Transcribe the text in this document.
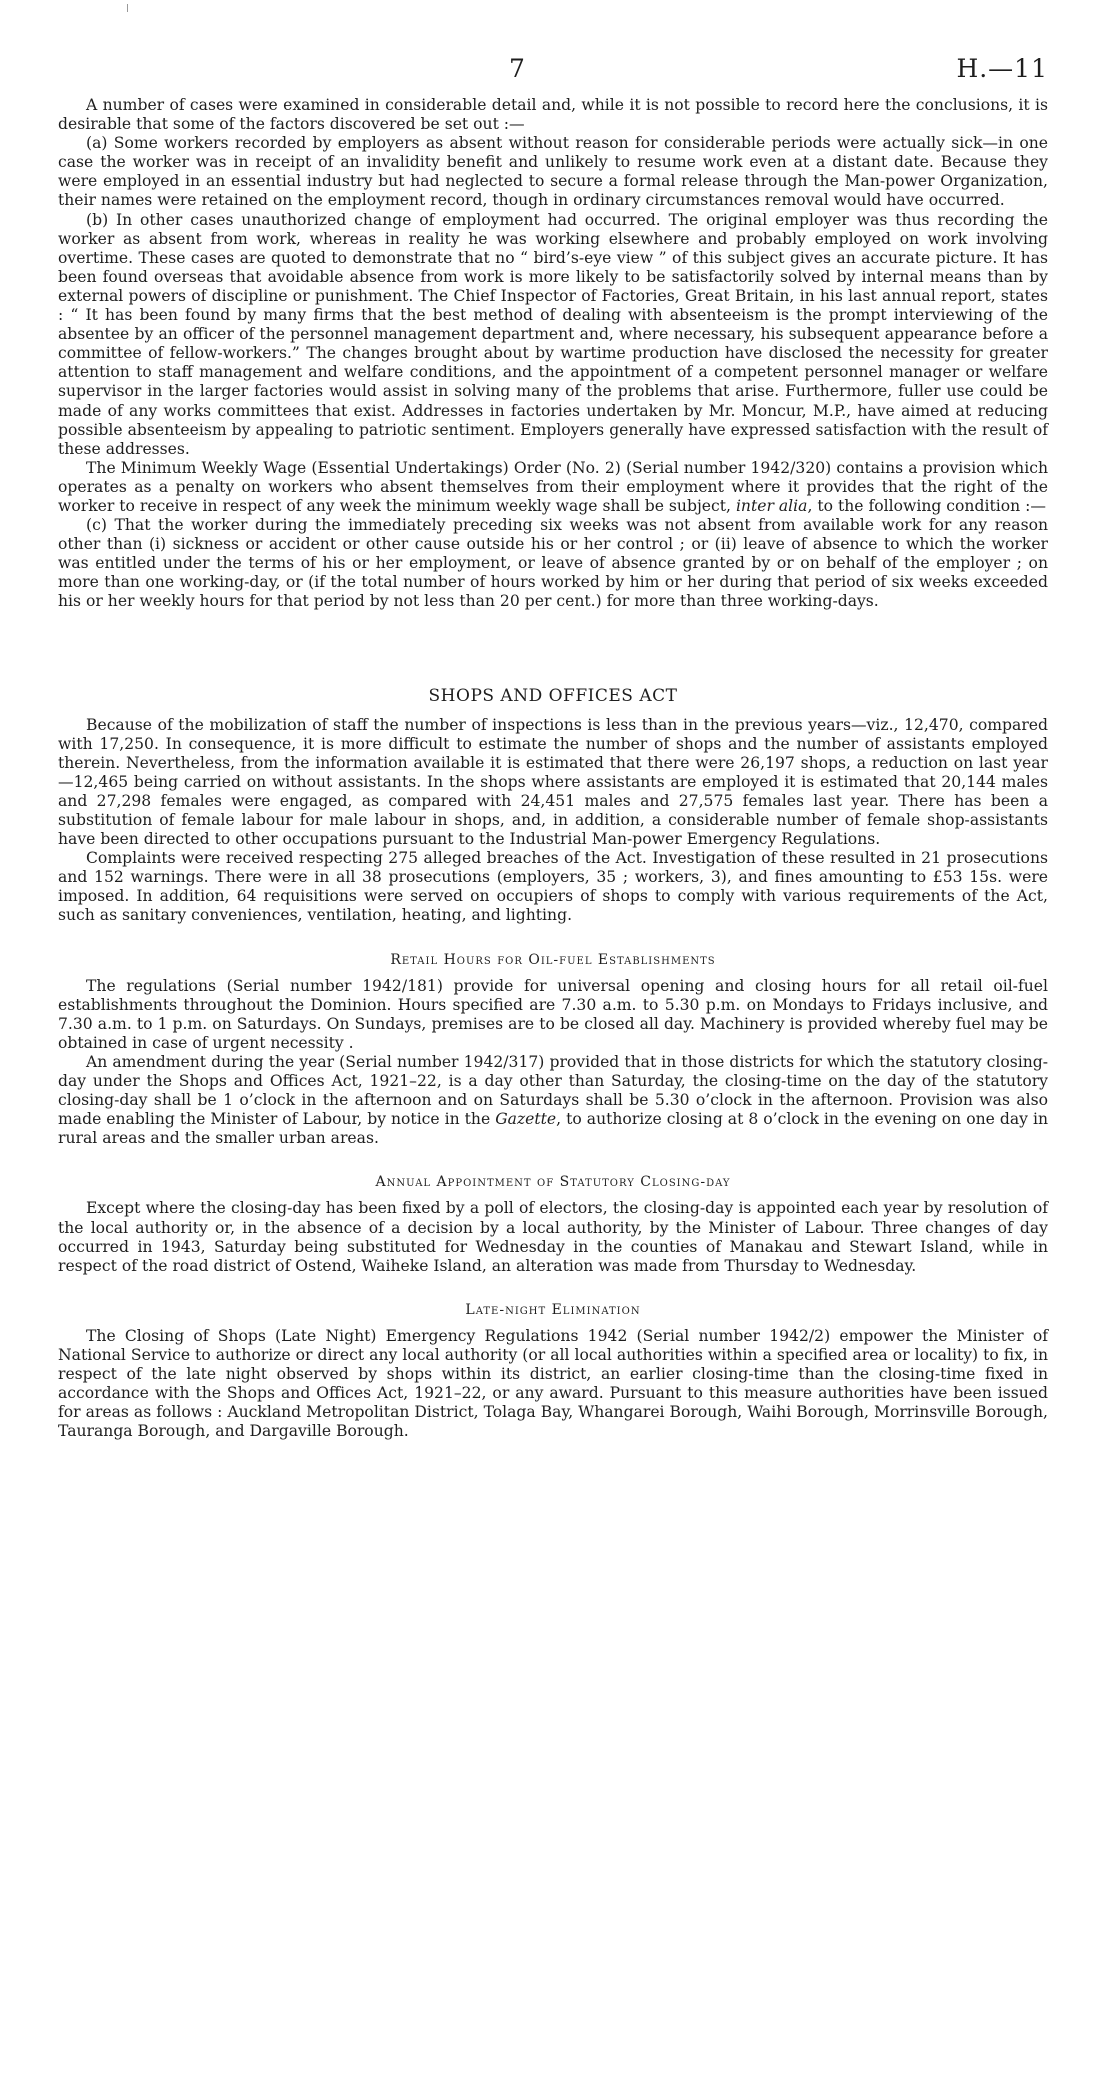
7	H.—11

A number of cases were examined in considerable detail and, while it is not possible to record here the conclusions, it is desirable that some of the factors discovered be set out :—

(a) Some workers recorded by employers as absent without reason for considerable periods were actually sick—in one case the worker was in receipt of an invalidity benefit and unlikely to resume work even at a distant date. Because they were employed in an essential industry but had neglected to secure a formal release through the Man-power Organization, their names were retained on the employment record, though in ordinary circumstances removal would have occurred.

(b) In other cases unauthorized change of employment had occurred. The original employer was thus recording the worker as absent from work, whereas in reality he was working elsewhere and probably employed on work involving overtime. These cases are quoted to demonstrate that no “ bird’s-eye view ” of this subject gives an accurate picture. It has been found overseas that avoidable absence from work is more likely to be satisfactorily solved by internal means than by external powers of discipline or punishment. The Chief Inspector of Factories, Great Britain, in his last annual report, states : “ It has been found by many firms that the best method of dealing with absenteeism is the prompt interviewing of the absentee by an officer of the personnel management department and, where necessary, his subsequent appearance before a committee of fellow-workers.” The changes brought about by wartime production have disclosed the necessity for greater attention to staff management and welfare conditions, and the appointment of a competent personnel manager or welfare supervisor in the larger factories would assist in solving many of the problems that arise. Furthermore, fuller use could be made of any works committees that exist. Addresses in factories undertaken by Mr. Moncur, M.P., have aimed at reducing possible absenteeism by appealing to patriotic sentiment. Employers generally have expressed satisfaction with the result of these addresses.

The Minimum Weekly Wage (Essential Undertakings) Order (No. 2) (Serial number 1942/320) contains a provision which operates as a penalty on workers who absent themselves from their employment where it provides that the right of the worker to receive in respect of any week the minimum weekly wage shall be subject, inter alia, to the following condition :—

(c) That the worker during the immediately preceding six weeks was not absent from available work for any reason other than (i) sickness or accident or other cause outside his or her control ; or (ii) leave of absence to which the worker was entitled under the terms of his or her employment, or leave of absence granted by or on behalf of the employer ; on more than one working-day, or (if the total number of hours worked by him or her during that period of six weeks exceeded his or her weekly hours for that period by not less than 20 per cent.) for more than three working-days.

SHOPS AND OFFICES ACT

Because of the mobilization of staff the number of inspections is less than in the previous years—viz., 12,470, compared with 17,250. In consequence, it is more difficult to estimate the number of shops and the number of assistants employed therein. Nevertheless, from the information available it is estimated that there were 26,197 shops, a reduction on last year—12,465 being carried on without assistants. In the shops where assistants are employed it is estimated that 20,144 males and 27,298 females were engaged, as compared with 24,451 males and 27,575 females last year. There has been a substitution of female labour for male labour in shops, and, in addition, a considerable number of female shop-assistants have been directed to other occupations pursuant to the Industrial Man-power Emergency Regulations.

Complaints were received respecting 275 alleged breaches of the Act. Investigation of these resulted in 21 prosecutions and 152 warnings. There were in all 38 prosecutions (employers, 35 ; workers, 3), and fines amounting to £53 15s. were imposed. In addition, 64 requisitions were served on occupiers of shops to comply with various requirements of the Act, such as sanitary conveniences, ventilation, heating, and lighting.

Retail Hours for Oil-fuel Establishments

The regulations (Serial number 1942/181) provide for universal opening and closing hours for all retail oil-fuel establishments throughout the Dominion. Hours specified are 7.30 a.m. to 5.30 p.m. on Mondays to Fridays inclusive, and 7.30 a.m. to 1 p.m. on Saturdays. On Sundays, premises are to be closed all day. Machinery is provided whereby fuel may be obtained in case of urgent necessity .

An amendment during the year (Serial number 1942/317) provided that in those districts for which the statutory closing-day under the Shops and Offices Act, 1921–22, is a day other than Saturday, the closing-time on the day of the statutory closing-day shall be 1 o’clock in the afternoon and on Saturdays shall be 5.30 o’clock in the afternoon. Provision was also made enabling the Minister of Labour, by notice in the Gazette, to authorize closing at 8 o’clock in the evening on one day in rural areas and the smaller urban areas.

Annual Appointment of Statutory Closing-day

Except where the closing-day has been fixed by a poll of electors, the closing-day is appointed each year by resolution of the local authority or, in the absence of a decision by a local authority, by the Minister of Labour. Three changes of day occurred in 1943, Saturday being substituted for Wednesday in the counties of Manakau and Stewart Island, while in respect of the road district of Ostend, Waiheke Island, an alteration was made from Thursday to Wednesday.

Late-night Elimination

The Closing of Shops (Late Night) Emergency Regulations 1942 (Serial number 1942/2) empower the Minister of National Service to authorize or direct any local authority (or all local authorities within a specified area or locality) to fix, in respect of the late night observed by shops within its district, an earlier closing-time than the closing-time fixed in accordance with the Shops and Offices Act, 1921–22, or any award. Pursuant to this measure authorities have been issued for areas as follows : Auckland Metropolitan District, Tolaga Bay, Whangarei Borough, Waihi Borough, Morrinsville Borough, Tauranga Borough, and Dargaville Borough.
